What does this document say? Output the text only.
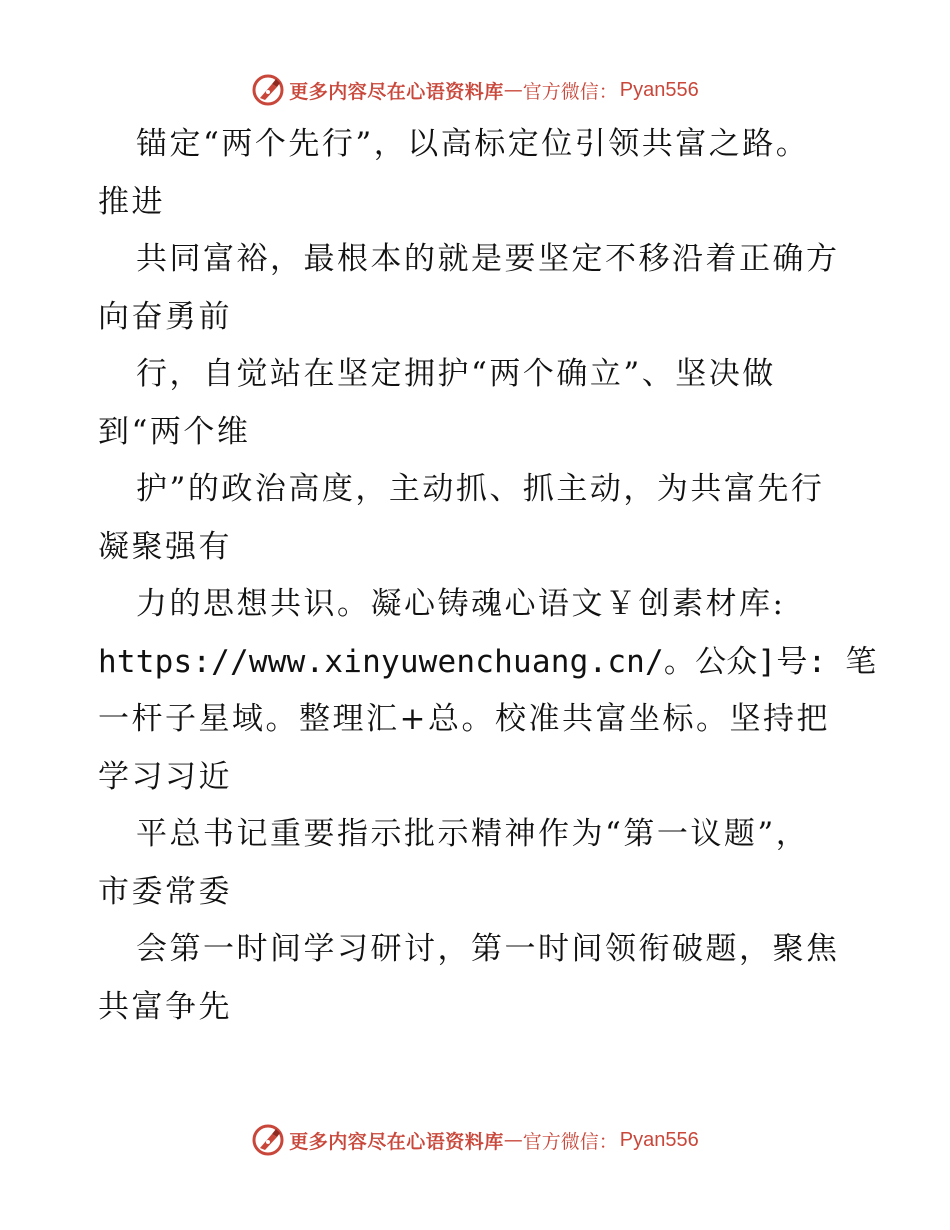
更多内容尽在心语资料库 — 官方微信： Pyan556
锚定“两个先行”，以高标定位引领共富之路。
推进
共同富裕，最根本的就是要坚定不移沿着正确方
向奋勇前
行，自觉站在坚定拥护“两个确立”、坚决做
到“两个维
护”的政治高度，主动抓、抓主动，为共富先行
凝聚强有
力的思想共识。凝心铸魂心语文￥创素材库:
https://www.xinyuwenchuang.cn/。公众]号: 笔
一杆子星域。整理汇+总。校准共富坐标。坚持把
学习习近
平总书记重要指示批示精神作为“第一议题”，
市委常委
会第一时间学习研讨，第一时间领衔破题，聚焦
共富争先
更多内容尽在心语资料库 — 官方微信： Pyan556
